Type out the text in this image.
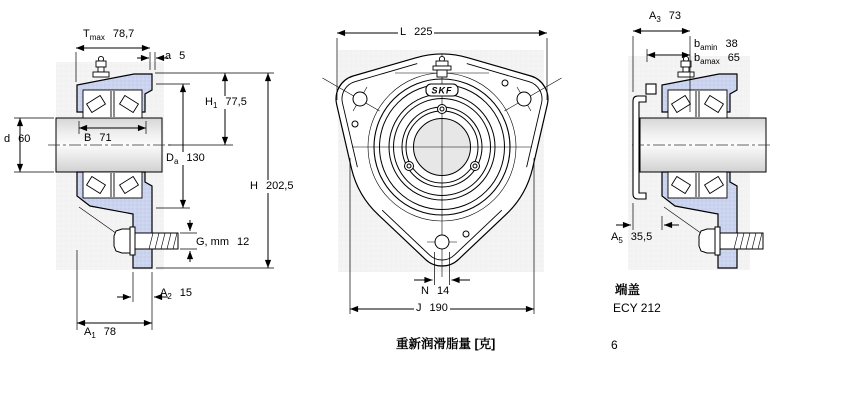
SKF
$T_{max}$ 78,7
a 5
$H_1$ 77,5
d 60	B 71
$D_a$ 130
H 202,5
G, mm 12
$A_2$ 15
$A_1$ 78
L 225
N 14
J 190
$A_3$ 73
$b_{amin}$ 38
$b_{amax}$ 65
$A_5$ 35,5
端盖
ECY 212
重新润滑脂量 [克]	6
